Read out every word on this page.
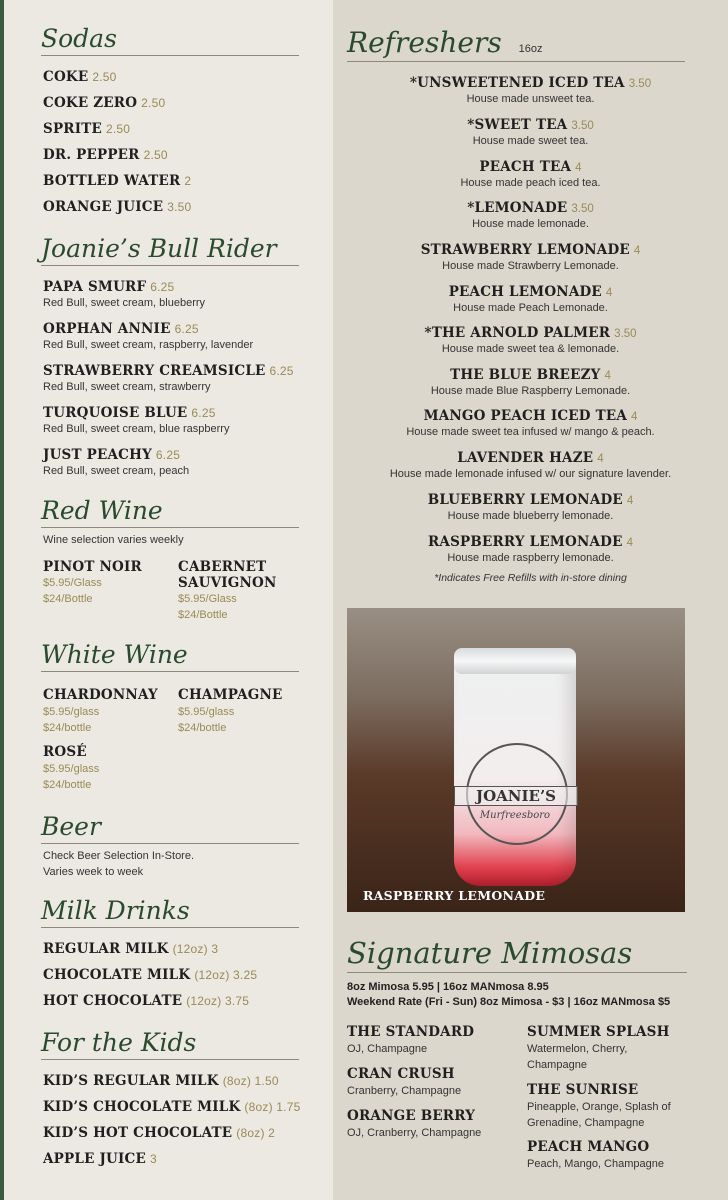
Sodas
COKE 2.50
COKE ZERO 2.50
SPRITE 2.50
DR. PEPPER 2.50
BOTTLED WATER 2
ORANGE JUICE 3.50
Joanie’s Bull Rider
PAPA SMURF 6.25
Red Bull, sweet cream, blueberry
ORPHAN ANNIE 6.25
Red Bull, sweet cream, raspberry, lavender
STRAWBERRY CREAMSICLE 6.25
Red Bull, sweet cream, strawberry
TURQUOISE BLUE 6.25
Red Bull, sweet cream, blue raspberry
JUST PEACHY 6.25
Red Bull, sweet cream, peach
Red Wine
Wine selection varies weekly
PINOT NOIR
$5.95/Glass
$24/Bottle
CABERNET
SAUVIGNON
$5.95/Glass
$24/Bottle
White Wine
CHARDONNAY
$5.95/glass
$24/bottle
CHAMPAGNE
$5.95/glass
$24/bottle
ROSÉ
$5.95/glass
$24/bottle
Beer
Check Beer Selection In-Store.
Varies week to week
Milk Drinks
REGULAR MILK (12oz) 3
CHOCOLATE MILK (12oz) 3.25
HOT CHOCOLATE (12oz) 3.75
For the Kids
KID’S REGULAR MILK (8oz) 1.50
KID’S CHOCOLATE MILK (8oz) 1.75
KID’S HOT CHOCOLATE (8oz) 2
APPLE JUICE 3
Refreshers 16oz
*UNSWEETENED ICED TEA 3.50
House made unsweet tea.
*SWEET TEA 3.50
House made sweet tea.
PEACH TEA 4
House made peach iced tea.
*LEMONADE 3.50
House made lemonade.
STRAWBERRY LEMONADE 4
House made Strawberry Lemonade.
PEACH LEMONADE 4
House made Peach Lemonade.
*THE ARNOLD PALMER 3.50
House made sweet tea & lemonade.
THE BLUE BREEZY 4
House made Blue Raspberry Lemonade.
MANGO PEACH ICED TEA 4
House made sweet tea infused w/ mango & peach.
LAVENDER HAZE 4
House made lemonade infused w/ our signature lavender.
BLUEBERRY LEMONADE 4
House made blueberry lemonade.
RASPBERRY LEMONADE 4
House made raspberry lemonade.
*Indicates Free Refills with in-store dining
Signature Mimosas
8oz Mimosa 5.95 | 16oz MANmosa 8.95
Weekend Rate (Fri - Sun) 8oz Mimosa - $3 | 16oz MANmosa $5
THE STANDARD
OJ, Champagne
CRAN CRUSH
Cranberry, Champagne
ORANGE BERRY
OJ, Cranberry, Champagne
SUMMER SPLASH
Watermelon, Cherry,
Champagne
THE SUNRISE
Pineapple, Orange, Splash of
Grenadine, Champagne
PEACH MANGO
Peach, Mango, Champagne
JOANIE’S
Murfreesboro
RASPBERRY LEMONADE
